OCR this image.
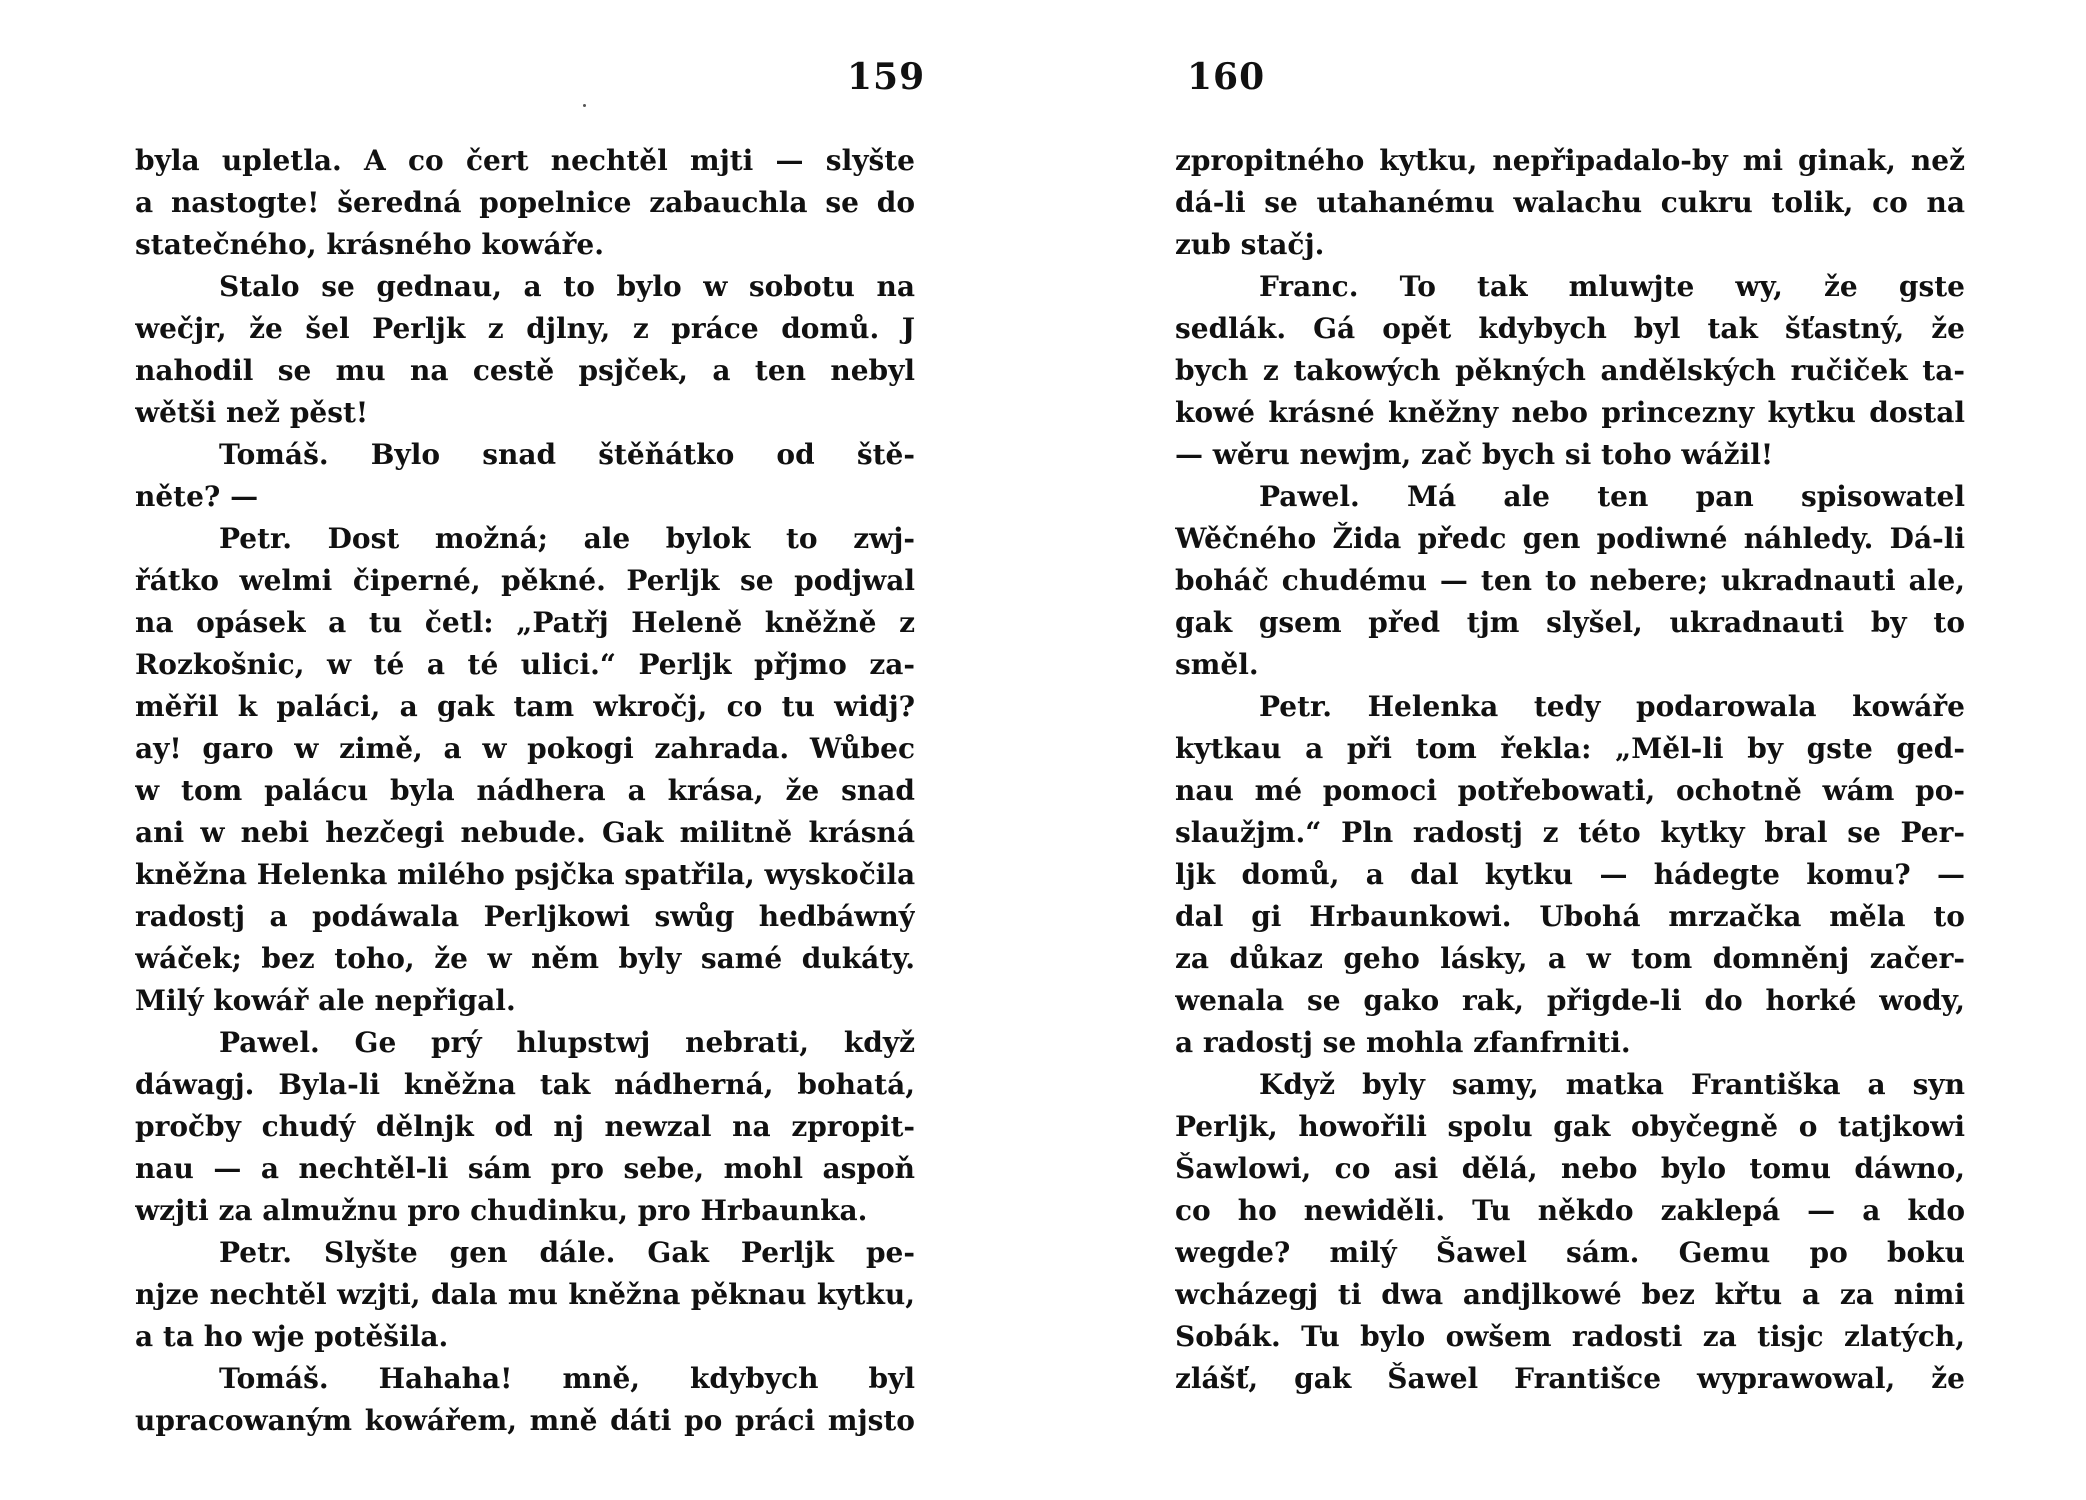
159
byla upletla. A co čert nechtěl mjti — slyšte
a nastogte! šeredná popelnice zabauchla se do
statečného, krásného kowáře.
Stalo se gednau, a to bylo w sobotu na
wečjr, že šel Perljk z djlny, z práce domů. J
nahodil se mu na cestě psjček, a ten nebyl
wětši než pěst!
Tomáš. Bylo snad štěňátko od ště-
něte? —
Petr. Dost možná; ale bylok to zwj-
řátko welmi čiperné, pěkné. Perljk se podjwal
na opásek a tu četl: „Patřj Heleně kněžně z
Rozkošnic, w té a té ulici.“ Perljk přjmo za-
měřil k paláci, a gak tam wkročj, co tu widj?
ay! garo w zimě, a w pokogi zahrada. Wůbec
w tom palácu byla nádhera a krása, že snad
ani w nebi hezčegi nebude. Gak militně krásná
kněžna Helenka milého psjčka spatřila, wyskočila
radostj a podáwala Perljkowi swůg hedbáwný
wáček; bez toho, že w něm byly samé dukáty.
Milý kowář ale nepřigal.
Pawel. Ge prý hlupstwj nebrati, když
dáwagj. Byla-li kněžna tak nádherná, bohatá,
pročby chudý dělnjk od nj newzal na zpropit-
nau — a nechtěl-li sám pro sebe, mohl aspoň
wzjti za almužnu pro chudinku, pro Hrbaunka.
Petr. Slyšte gen dále. Gak Perljk pe-
njze nechtěl wzjti, dala mu kněžna pěknau kytku,
a ta ho wje potěšila.
Tomáš. Hahaha! mně, kdybych byl
upracowaným kowářem, mně dáti po práci mjsto
160
zpropitného kytku, nepřipadalo-by mi ginak, než
dá-li se utahanému walachu cukru tolik, co na
zub stačj.
Franc. To tak mluwjte wy, že gste
sedlák. Gá opět kdybych byl tak šťastný, že
bych z takowých pěkných andělských ručiček ta-
kowé krásné kněžny nebo princezny kytku dostal
— wěru newjm, zač bych si toho wážil!
Pawel. Má ale ten pan spisowatel
Wěčného Žida předc gen podiwné náhledy. Dá-li
boháč chudému — ten to nebere; ukradnauti ale,
gak gsem před tjm slyšel, ukradnauti by to
směl.
Petr. Helenka tedy podarowala kowáře
kytkau a při tom řekla: „Měl-li by gste ged-
nau mé pomoci potřebowati, ochotně wám po-
slaužjm.“ Pln radostj z této kytky bral se Per-
ljk domů, a dal kytku — hádegte komu? —
dal gi Hrbaunkowi. Ubohá mrzačka měla to
za důkaz geho lásky, a w tom domněnj začer-
wenala se gako rak, přigde-li do horké wody,
a radostj se mohla zfanfrniti.
Když byly samy, matka Františka a syn
Perljk, howořili spolu gak obyčegně o tatjkowi
Šawlowi, co asi dělá, nebo bylo tomu dáwno,
co ho newiděli. Tu někdo zaklepá — a kdo
wegde? milý Šawel sám. Gemu po boku
wcházegj ti dwa andjlkowé bez křtu a za nimi
Sobák. Tu bylo owšem radosti za tisjc zlatých,
zlášť, gak Šawel Františce wyprawowal, že
